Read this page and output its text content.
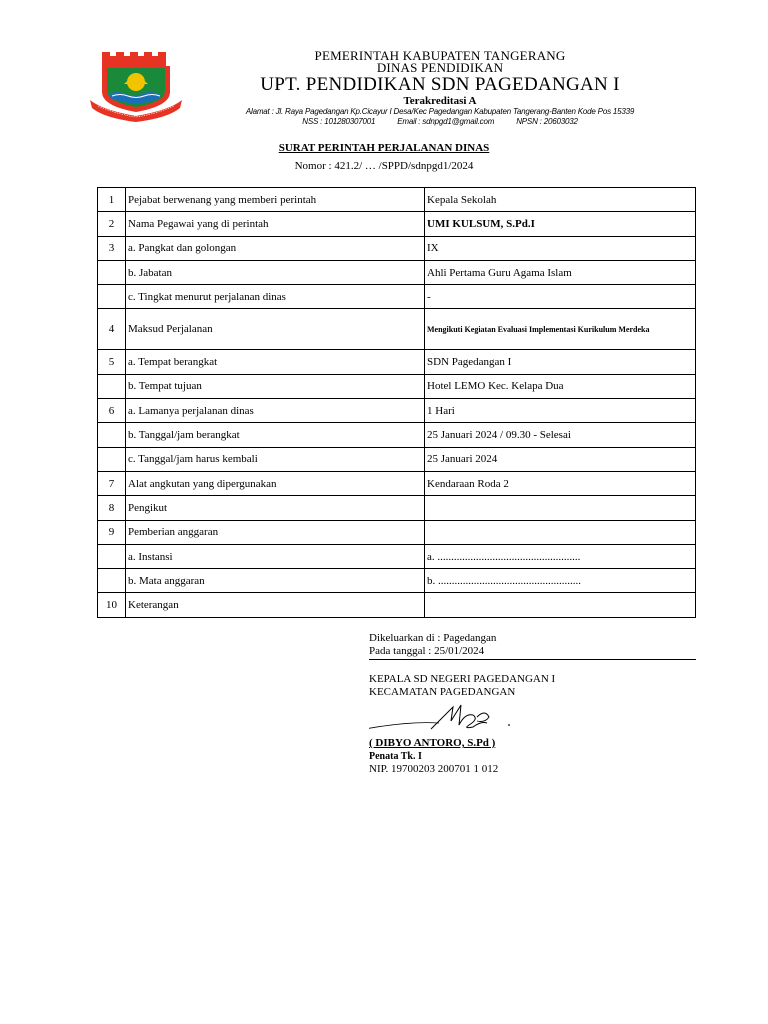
PEMERINTAH KABUPATEN TANGERANG
DINAS PENDIDIKAN
UPT. PENDIDIKAN SDN PAGEDANGAN I
Terakreditasi A
Alamat : Jl. Raya Pagedangan Kp.Cicayur I Desa/Kec Pagedangan Kabupaten Tangerang-Banten Kode Pos 15339
NSS : 101280307001	Email : sdnpgd1@gmail.com	NPSN : 20603032
SURAT PERINTAH PERJALANAN DINAS
Nomor : 421.2/ … /SPPD/sdnpgd1/2024
1	Pejabat berwenang yang memberi perintah	Kepala Sekolah
2	Nama Pegawai yang di perintah	UMI KULSUM, S.Pd.I
3	a. Pangkat dan golongan	IX
	b. Jabatan	Ahli Pertama Guru Agama Islam
	c. Tingkat menurut perjalanan dinas	-
4	Maksud Perjalanan	Mengikuti Kegiatan Evaluasi Implementasi Kurikulum Merdeka
5	a. Tempat berangkat	SDN Pagedangan I
	b. Tempat tujuan	Hotel LEMO Kec. Kelapa Dua
6	a. Lamanya perjalanan dinas	1 Hari
	b. Tanggal/jam berangkat	25 Januari 2024 / 09.30 - Selesai
	c. Tanggal/jam harus kembali	25 Januari 2024
7	Alat angkutan yang dipergunakan	Kendaraan Roda 2
8	Pengikut	
9	Pemberian anggaran	
	a. Instansi	a. ....................................................
	b. Mata anggaran	b. ....................................................
10	Keterangan	
Dikeluarkan di : Pagedangan
Pada tanggal : 25/01/2024
KEPALA SD NEGERI PAGEDANGAN I
KECAMATAN PAGEDANGAN
( DIBYO ANTORO, S.Pd )
Penata Tk. I
NIP. 19700203 200701 1 012
